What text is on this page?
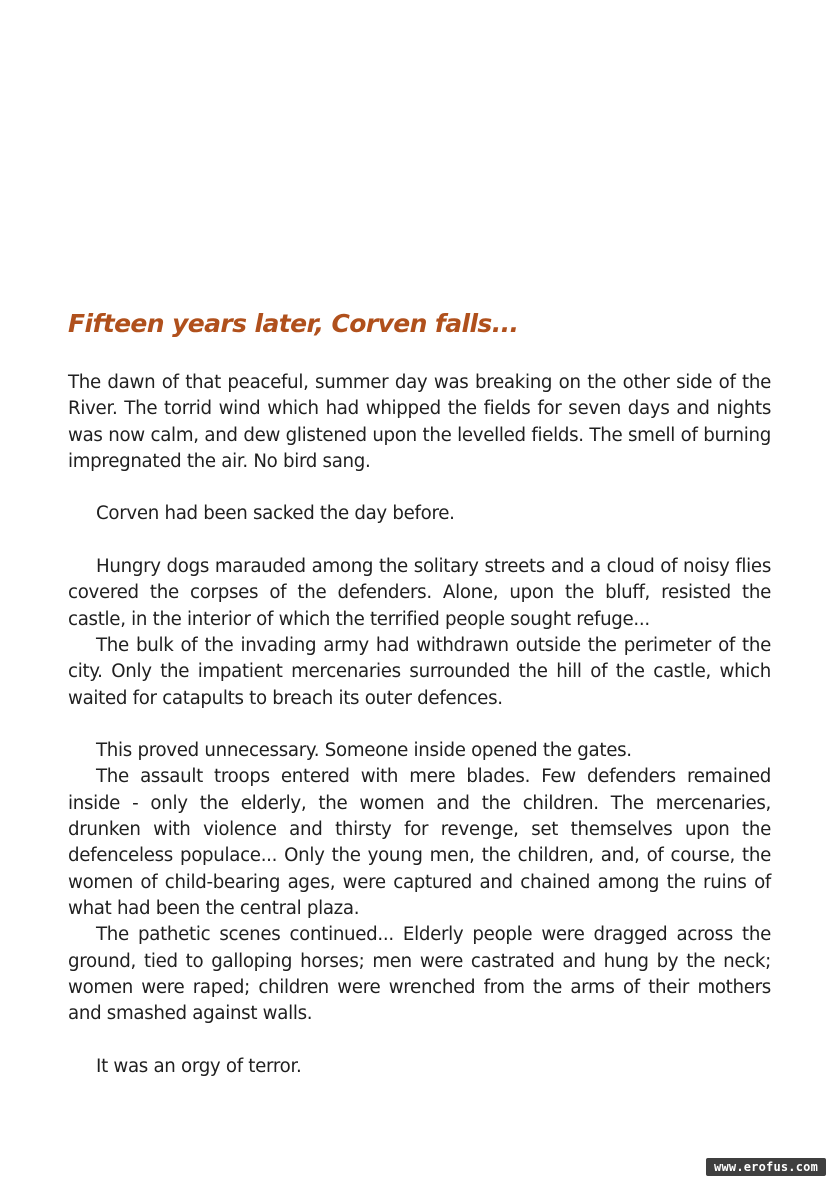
Fifteen years later, Corven falls...

The dawn of that peaceful, summer day was breaking on the other side of the River. The torrid wind which had whipped the fields for seven days and nights was now calm, and dew glistened upon the levelled fields. The smell of burning impregnated the air. No bird sang.

Corven had been sacked the day before.

Hungry dogs marauded among the solitary streets and a cloud of noisy flies covered the corpses of the defenders. Alone, upon the bluff, resisted the castle, in the interior of which the terrified people sought refuge...

The bulk of the invading army had withdrawn outside the perimeter of the city. Only the impatient mercenaries surrounded the hill of the castle, which waited for catapults to breach its outer defences.

This proved unnecessary. Someone inside opened the gates.

The assault troops entered with mere blades. Few defenders remained inside - only the elderly, the women and the children. The mercenaries, drunken with violence and thirsty for revenge, set themselves upon the defenceless populace... Only the young men, the children, and, of course, the women of child-bearing ages, were captured and chained among the ruins of what had been the central plaza.

The pathetic scenes continued... Elderly people were dragged across the ground, tied to galloping horses; men were castrated and hung by the neck; women were raped; children were wrenched from the arms of their mothers and smashed against walls.

It was an orgy of terror.

www.erofus.com
